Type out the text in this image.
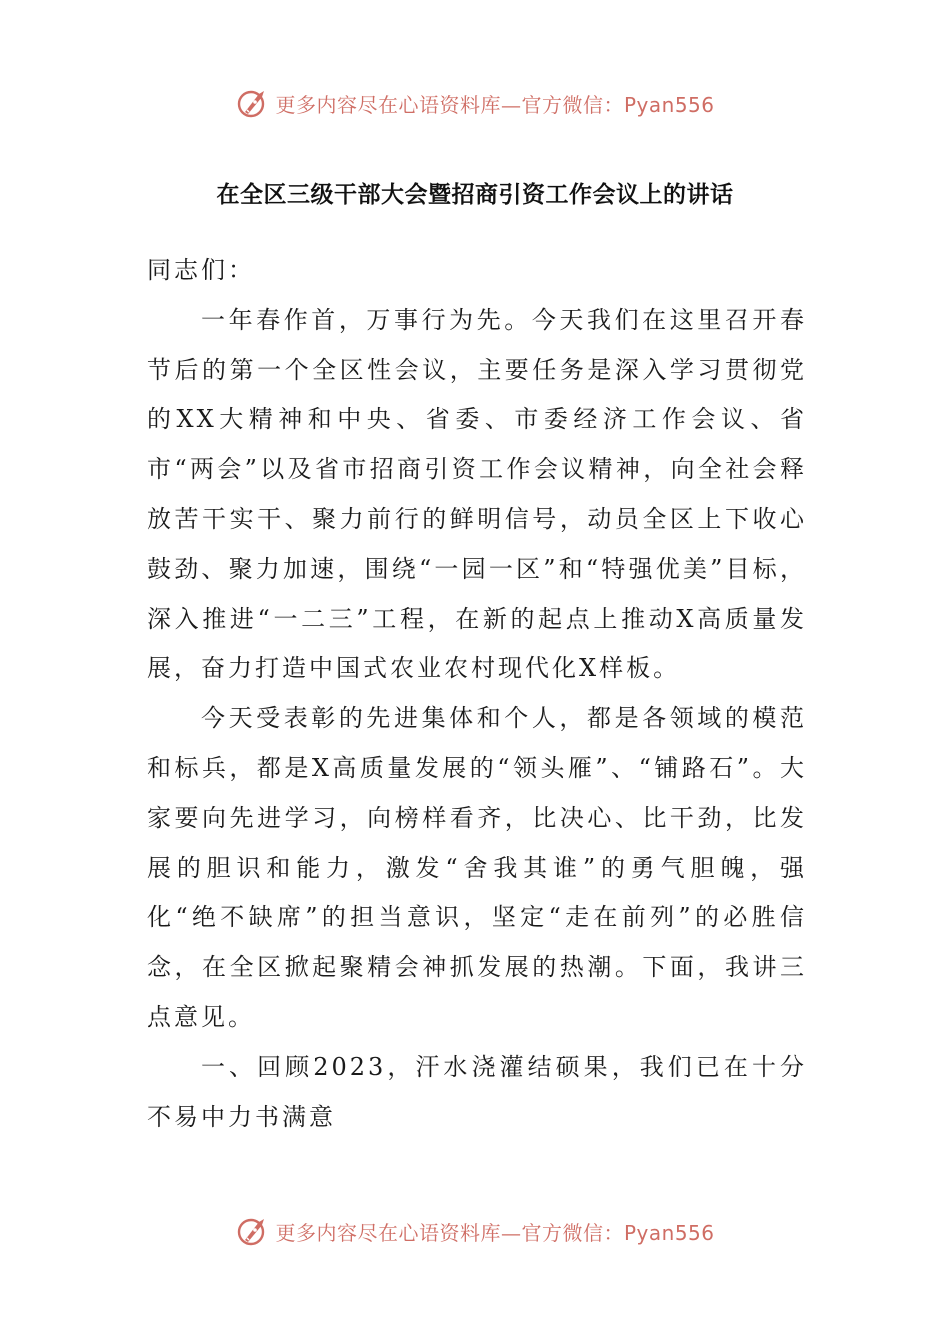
更多内容尽在心语资料库—官方微信：Pyan556
在全区三级干部大会暨招商引资工作会议上的讲话

同志们：

一年春作首，万事行为先。今天我们在这里召开春节后的第一个全区性会议，主要任务是深入学习贯彻党的XX大精神和中央、省委、市委经济工作会议、省市“两会”以及省市招商引资工作会议精神，向全社会释放苦干实干、聚力前行的鲜明信号，动员全区上下收心鼓劲、聚力加速，围绕“一园一区”和“特强优美”目标，深入推进“一二三”工程，在新的起点上推动X高质量发展，奋力打造中国式农业农村现代化X样板。

今天受表彰的先进集体和个人，都是各领域的模范和标兵，都是X高质量发展的“领头雁”、“铺路石”。大家要向先进学习，向榜样看齐，比决心、比干劲，比发展的胆识和能力，激发“舍我其谁”的勇气胆魄，强化“绝不缺席”的担当意识，坚定“走在前列”的必胜信念，在全区掀起聚精会神抓发展的热潮。下面，我讲三点意见。

一、回顾2023，汗水浇灌结硕果，我们已在十分不易中力书满意

更多内容尽在心语资料库—官方微信：Pyan556
